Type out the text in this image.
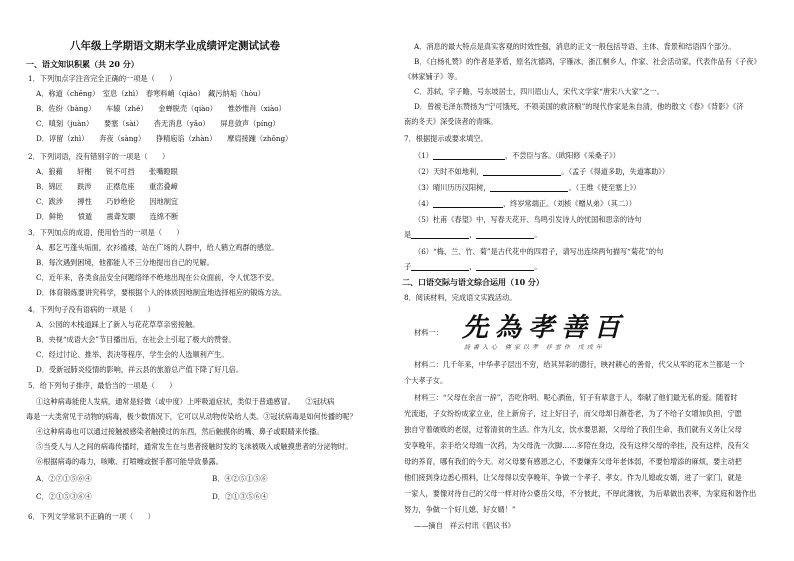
八年级上学期语文期末学业成绩评定测试试卷
一、语文知识积累（共 20 分）
1．下列加点字注音完全正确的一项是（　　）
A．称道（chēng）　室息（zhì）　春寒料峭（qiào）　藏污纳垢（hòu）
B．佐纷（bàng）　　车辕（zhé）　　金蝉脱壳（qiào）　　惟妙惟肖（xiào）
C．嗔刻（juàn）　　要塞（sài）　　杳无消息（yǎo）　　屏息敛声（píng）
D．谆留（zhì）　　奔夜（sàng）　　狰精庖谄（zhàn）　　摩肩接踵（zhǒng）
2．下列词语，没有错别字的一项是（　　）
A．狼藉　　轩榭　　锐不可挡　　张嘴瞪眼
B．锦匠　　跌涉　　正襟危座　　重峦叠嶂
C．跋涉　　搏性　　巧妙绝伦　　因地制宜
D．鲜艳　　愤遁　　震聋发聩　　连绵不断
3．下列加点的成语，使用恰当的一项是（　　）
A．那乞丐蓬头垢面，衣衫褴褛，站在广场的人群中，给人鹤立鸡群的感觉。
B．每次遇到困境，他都能人不三分地提出自己的见解。
C．近年来，各类食品安全问题络绎不绝地出现在公众面前，令人忧怨不安。
D．体育锻炼要讲究科学，要根据个人的体质因地制宜地选择相应的锻炼方法。
4．下列句子没有语病的一项是（　　）
A．公园的木栈道踩上了新入与花花草草亲密接触。
B．央视“成语大会”节目播出后，在社会上引起了极大的赞誉。
C．经过讨论、推举、表决等程序，学生会的人选顺利产生。
D．受新冠肺炎疫情的影响，祥云县的旅游总产值下降了好几倍。
5．给下列句子排序，最恰当的一项是（　　）
①这种病毒能使人发病，通常是轻微（或中度）上呼吸道症状，类似于普通感冒。　　②冠状病
毒是一大类常见于动物的病毒，极少数情况下，它可以从动物传染给人类。③冠状病毒是如何传播的呢？
④这种病毒也可以通过接触被感染者触摸过的东西，然后触摸你的嘴、鼻子或眼睛来传播。
⑤当受人与人之间的病毒传播时，通常发生在与患者接触时发的飞沫被吸入或触摸患者的分泌物时。
⑥根据病毒的毒力，咳嗽、打喷嚏或握手都可能导致暴露。
A．②⑦①⑤⑥④	B．④②⑤①⑤⑥
C．②①⑤③⑥④	D．②①③⑤⑥④
6．下列文学常识不正确的一项（　　）
A．消息的最大特点是真实客观的时效性强，消息的正文一般包括导语、主体、背景和结语四个部分。
B．《白杨礼赞》的作者是茅盾，原名沈德鸿，字雁冰，浙江桐乡人，作家、社会活动家，代表作品有《子夜》
《林家铺子》等。
C．苏轼，字子瞻，号东坡居士，四川眉山人，宋代文学家“唐宋八大家”之一。
D．曾被毛泽东赞扬为“宁可饿死，不领美国的救济粮”的现代作家是朱自清，他的散文《春》《背影》《济
南的冬天》深受读者的青睐。
7．根据提示或要求填空。
（1）	，不尝臣与客。（欧阳修《采桑子》）
（2）天时不如地利，	。（孟子《得道多助，失道寡助》）
（3）晴川历历汉阳树，	。（王维《使至塞上》）
（4）	，终岁常端正。（刘桢《赠从弟》（其二））
（5）杜甫《春望》中，写春天花开、鸟鸣引发诗人的忧国和思亲的诗句
是	，	。
（6）“梅、兰、竹、菊”是古代花中的四君子，请写出连续两句描写“菊花”的句
子	，	。
二、口语交际与语文综合运用（10 分）
8．阅读材料，完成语文实践活动。
材料一： 先為孝善百
詩書入心 傳家以孝 祥雲作 戊戌年
材料二：几千年来，中华孝子层出不穷，给其异彩的德行，映衬耕心的善骨，代父从军的花木兰都是一个
个大孝子女。
材料三：“父母在余言一辞”，否吃你明、呢心洒鱼，钉子有辈意于人，奉献了他们最无私的爱。随着时
光流逝，子女纷纷成家立业，住上新房子，过上好日子，而父母却日渐苍老，为了不给子女增加负担，宁愿
独自守着破败的老屋，过着清贫的生活。作为儿女，饮水要思源，父母给了我们生命，我们就有义务让父母
安享晚年，亲手给父母端一次药，为父母洗一次脚……多陪在身边，没有这样父母的牵挂，没有这样，没有父
母的养育，哪有我们的今天。对父母要有感恩之心，不要嫌弃父母年老体弱，不要怕增添的麻烦，要主动把
他们接到身边悉心照料，让父母得以安享晚年，争做一个孝子、孝女。作为儿媳或女婿，进了一家门，就是
一家人，要像对待自己的父母一样对待公婆岳父母，不分彼此，不厚此薄彼，为后辈做出表率，为家庭和谐作出
努力，争做一个好儿媳、好女婿！”
——摘自　祥云村讯《倡议书》
